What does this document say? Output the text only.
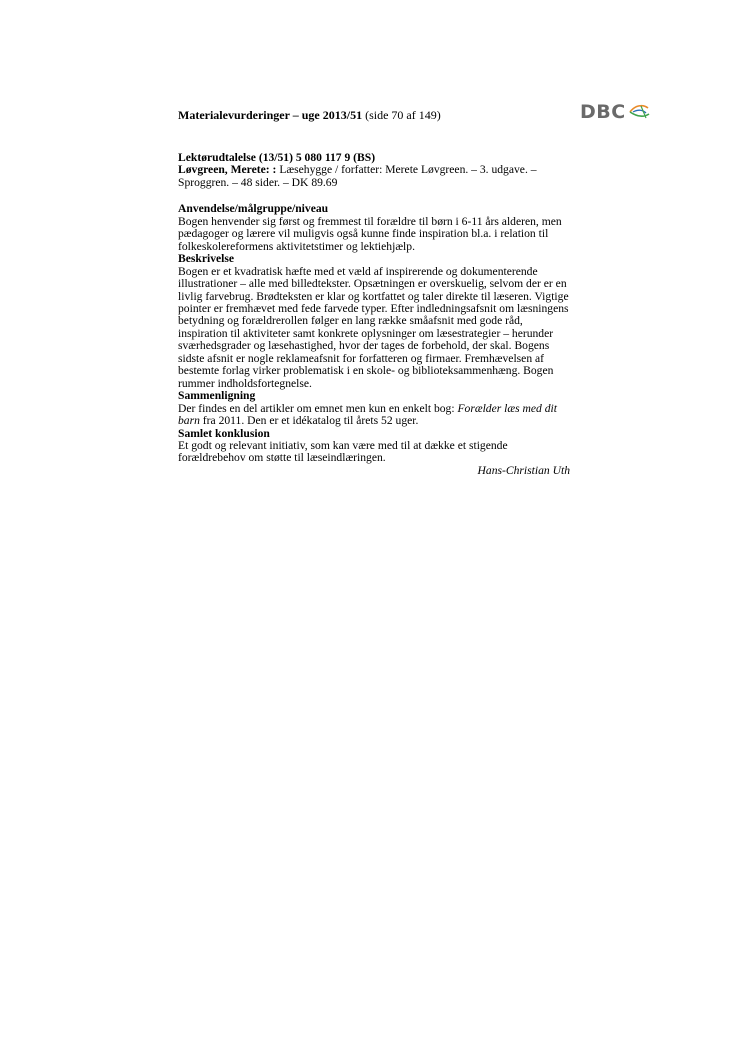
Materialevurderinger – uge 2013/51 (side 70 af 149)	DBC

Lektørudtalelse (13/51) 5 080 117 9 (BS)

Løvgreen, Merete: : Læsehygge / forfatter: Merete Løvgreen. – 3. udgave. – Sproggren. – 48 sider. – DK 89.69

Anvendelse/målgruppe/niveau

Bogen henvender sig først og fremmest til forældre til børn i 6-11 års alderen, men pædagoger og lærere vil muligvis også kunne finde inspiration bl.a. i relation til folkeskolereformens aktivitetstimer og lektiehjælp.

Beskrivelse

Bogen er et kvadratisk hæfte med et væld af inspirerende og dokumenterende illustrationer – alle med billedtekster. Opsætningen er overskuelig, selvom der er en livlig farvebrug. Brødteksten er klar og kortfattet og taler direkte til læseren. Vigtige pointer er fremhævet med fede farvede typer. Efter indledningsafsnit om læsningens betydning og forældrerollen følger en lang række småafsnit med gode råd, inspiration til aktiviteter samt konkrete oplysninger om læsestrategier – herunder sværhedsgrader og læsehastighed, hvor der tages de forbehold, der skal. Bogens sidste afsnit er nogle reklameafsnit for forfatteren og firmaer. Fremhævelsen af bestemte forlag virker problematisk i en skole- og biblioteksammenhæng. Bogen rummer indholdsfortegnelse.

Sammenligning

Der findes en del artikler om emnet men kun en enkelt bog: Forælder læs med dit barn fra 2011. Den er et idékatalog til årets 52 uger.

Samlet konklusion

Et godt og relevant initiativ, som kan være med til at dække et stigende forældrebehov om støtte til læseindlæringen.

Hans-Christian Uth
